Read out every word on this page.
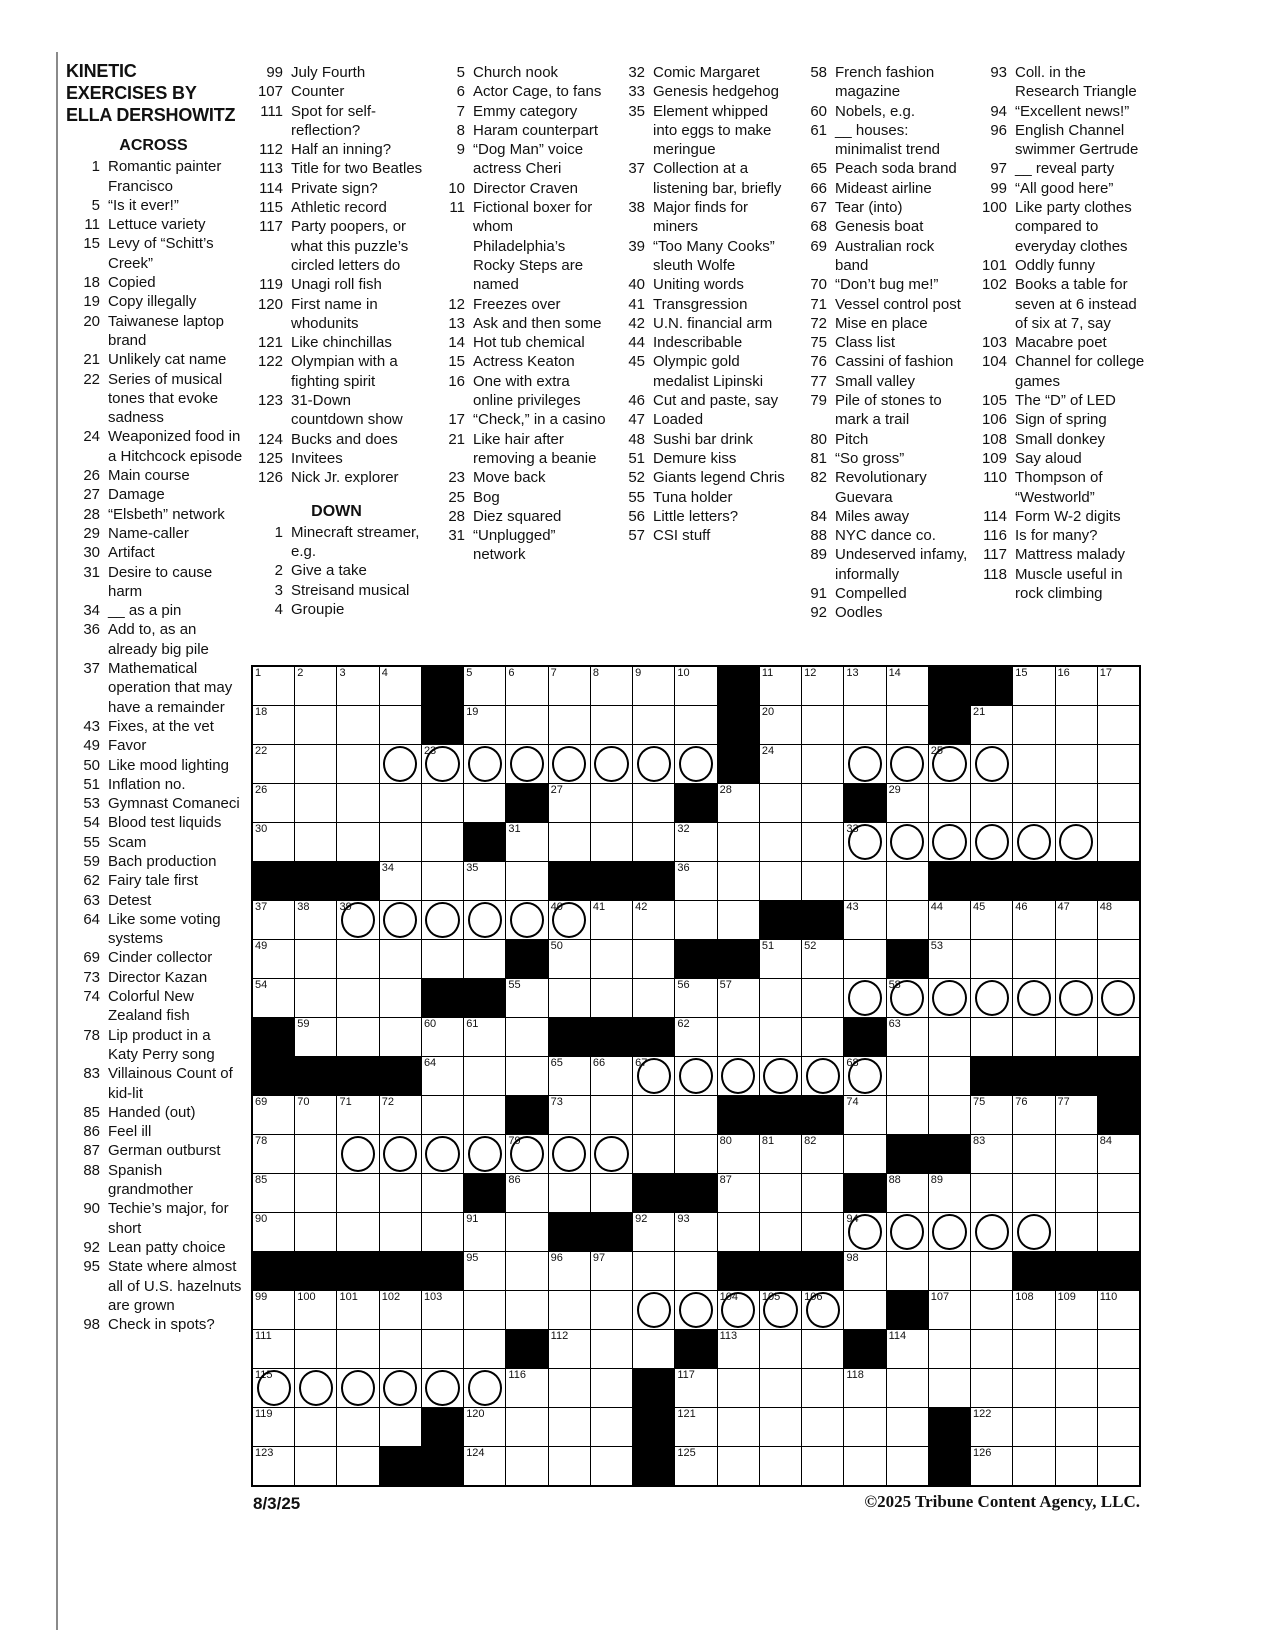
KINETIC
EXERCISES BY
ELLA DERSHOWITZ
ACROSS
1 Romantic painter Francisco
5 “Is it ever!”
11 Lettuce variety
15 Levy of “Schitt’s Creek”
18 Copied
19 Copy illegally
20 Taiwanese laptop brand
21 Unlikely cat name
22 Series of musical tones that evoke sadness
24 Weaponized food in a Hitchcock episode
26 Main course
27 Damage
28 “Elsbeth” network
29 Name-caller
30 Artifact
31 Desire to cause harm
34 __ as a pin
36 Add to, as an already big pile
37 Mathematical operation that may have a remainder
43 Fixes, at the vet
49 Favor
50 Like mood lighting
51 Inflation no.
53 Gymnast Comaneci
54 Blood test liquids
55 Scam
59 Bach production
62 Fairy tale first
63 Detest
64 Like some voting systems
69 Cinder collector
73 Director Kazan
74 Colorful New Zealand fish
78 Lip product in a Katy Perry song
83 Villainous Count of kid-lit
85 Handed (out)
86 Feel ill
87 German outburst
88 Spanish grandmother
90 Techie’s major, for short
92 Lean patty choice
95 State where almost all of U.S. hazelnuts are grown
98 Check in spots?
99 July Fourth
107 Counter
111 Spot for self-reflection?
112 Half an inning?
113 Title for two Beatles
114 Private sign?
115 Athletic record
117 Party poopers, or what this puzzle’s circled letters do
119 Unagi roll fish
120 First name in whodunits
121 Like chinchillas
122 Olympian with a fighting spirit
123 31-Down countdown show
124 Bucks and does
125 Invitees
126 Nick Jr. explorer
DOWN
1 Minecraft streamer, e.g.
2 Give a take
3 Streisand musical
4 Groupie
5 Church nook
6 Actor Cage, to fans
7 Emmy category
8 Haram counterpart
9 “Dog Man” voice actress Cheri
10 Director Craven
11 Fictional boxer for whom Philadelphia’s Rocky Steps are named
12 Freezes over
13 Ask and then some
14 Hot tub chemical
15 Actress Keaton
16 One with extra online privileges
17 “Check,” in a casino
21 Like hair after removing a beanie
23 Move back
25 Bog
28 Diez squared
31 “Unplugged” network
32 Comic Margaret
33 Genesis hedgehog
35 Element whipped into eggs to make meringue
37 Collection at a listening bar, briefly
38 Major finds for miners
39 “Too Many Cooks” sleuth Wolfe
40 Uniting words
41 Transgression
42 U.N. financial arm
44 Indescribable
45 Olympic gold medalist Lipinski
46 Cut and paste, say
47 Loaded
48 Sushi bar drink
51 Demure kiss
52 Giants legend Chris
55 Tuna holder
56 Little letters?
57 CSI stuff
58 French fashion magazine
60 Nobels, e.g.
61 __ houses: minimalist trend
65 Peach soda brand
66 Mideast airline
67 Tear (into)
68 Genesis boat
69 Australian rock band
70 “Don’t bug me!”
71 Vessel control post
72 Mise en place
75 Class list
76 Cassini of fashion
77 Small valley
79 Pile of stones to mark a trail
80 Pitch
81 “So gross”
82 Revolutionary Guevara
84 Miles away
88 NYC dance co.
89 Undeserved infamy, informally
91 Compelled
92 Oodles
93 Coll. in the Research Triangle
94 “Excellent news!”
96 English Channel swimmer Gertrude
97 __ reveal party
99 “All good here”
100 Like party clothes compared to everyday clothes
101 Oddly funny
102 Books a table for seven at 6 instead of six at 7, say
103 Macabre poet
104 Channel for college games
105 The “D” of LED
106 Sign of spring
108 Small donkey
109 Say aloud
110 Thompson of “Westworld”
114 Form W-2 digits
116 Is for many?
117 Mattress malady
118 Muscle useful in rock climbing
1	2	3	4	5	6	7	8	9	10	11	12	13	14	15	16	17
18	19	20	21
22	23	24	25
26	27	28	29
30	31	32	33
34	35	36
37	38	39	40	41	42	43	44	45	46	47	48
49	50	51	52	53
54	55	56	57	58
59	60	61	62	63
64	65	66	67	68
69	70	71	72	73	74	75	76	77
78	79	80	81	82	83	84
85	86	87	88	89
90	91	92	93	94
95	96	97	98
99	100 101 102 103	104 105 106	107	108 109 110
111	112	113	114
115	116	117	118
119	120	121	122
123	124	125	126
8/3/25	©2025 Tribune Content Agency, LLC.
